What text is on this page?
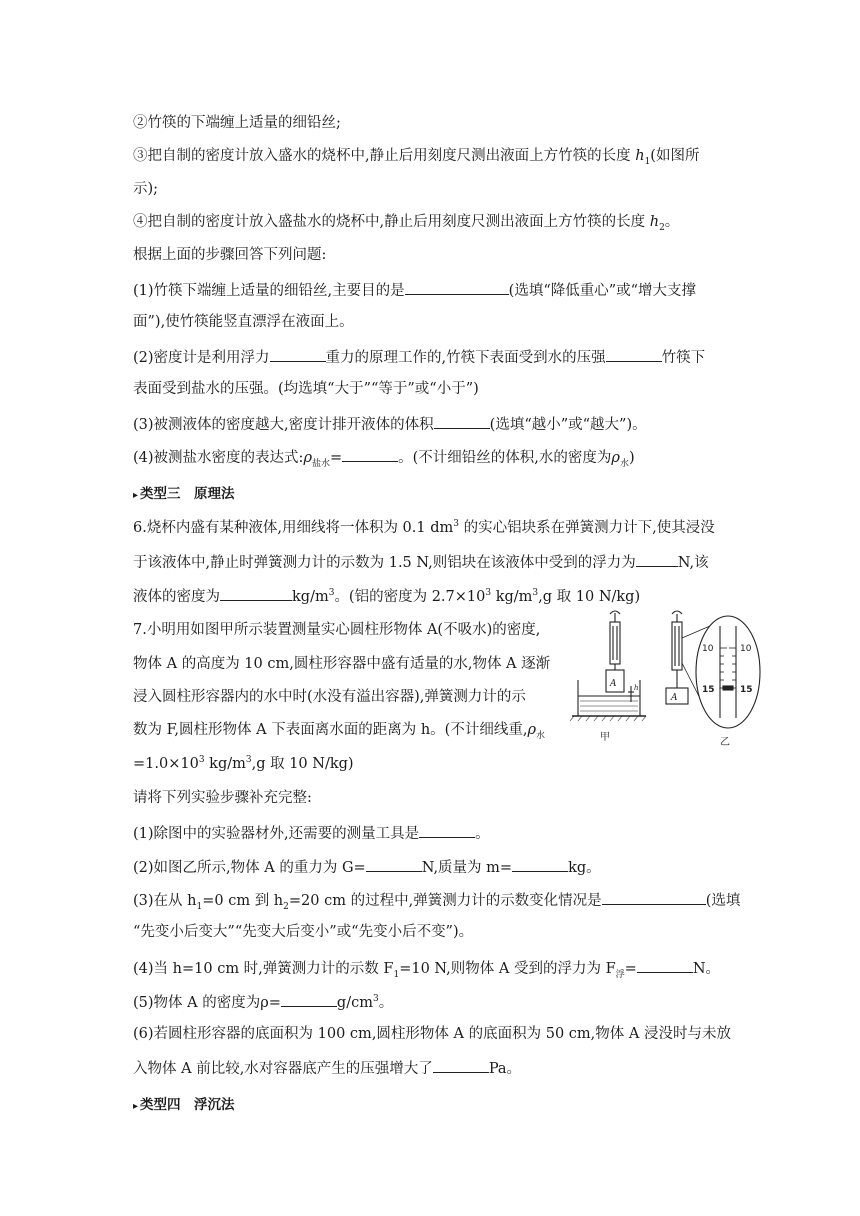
②竹筷的下端缠上适量的细铅丝;
③把自制的密度计放入盛水的烧杯中,静止后用刻度尺测出液面上方竹筷的长度 $h_1$(如图所
示);
④把自制的密度计放入盛盐水的烧杯中,静止后用刻度尺测出液面上方竹筷的长度 $h_2$。
根据上面的步骤回答下列问题:
(1)竹筷下端缠上适量的细铅丝,主要目的是	(选填“降低重心”或“增大支撑
面”),使竹筷能竖直漂浮在液面上。
(2)密度计是利用浮力	重力的原理工作的,竹筷下表面受到水的压强	竹筷下
表面受到盐水的压强。(均选填“大于”“等于”或“小于”)
(3)被测液体的密度越大,密度计排开液体的体积	(选填“越小”或“越大”)。
(4)被测盐水密度的表达式$:\rho_{盐水}=$	。(不计细铅丝的体积,水的密度为$\rho_水$)
▸ 类型三　原理法
6.烧杯内盛有某种液体,用细线将一体积为 0.1 $dm^3$ 的实心铝块系在弹簧测力计下,使其浸没
于该液体中,静止时弹簧测力计的示数为 1.5 N,则铝块在该液体中受到的浮力为	N,该
液体的密度为	$kg/m^3$。(铝的密度为 $2.7\times 10^3$ $kg/m^3,g$ 取 10 N/kg)
7.小明用如图甲所示装置测量实心圆柱形物体 A(不吸水)的密度,
物体 A 的高度为 10 cm,圆柱形容器中盛有适量的水,物体 A 逐渐
浸入圆柱形容器内的水中时(水没有溢出容器),弹簧测力计的示
数为 F,圆柱形物体 A 下表面离水面的距离为 h。(不计细线重$,\rho_水$
$=1.0\times 10^3$ $kg/m^3,g$ 取 10 N/kg)
请将下列实验步骤补充完整:
(1)除图中的实验器材外,还需要的测量工具是	。
(2)如图乙所示,物体 A 的重力为 G=	N,质量为 m=	kg。
(3)在从 $h_1=0$ cm 到 $h_2=20$ cm 的过程中,弹簧测力计的示数变化情况是	(选填
“先变小后变大”“先变大后变小”或“先变小后不变”)。
(4)当 h=10 cm 时,弹簧测力计的示数 $F_1=10$ N,则物体 A 受到的浮力为 $F_浮=$	N。
(5)物体 A 的密度为ρ=	$g/cm^3$。
(6)若圆柱形容器的底面积为 100 cm,圆柱形物体 A 的底面积为 50 cm,物体 A 浸没时与未放
入物体 A 前比较,水对容器底产生的压强增大了	Pa。
▸ 类型四　浮沉法
A	h
甲
A
10	10
15	15
乙
